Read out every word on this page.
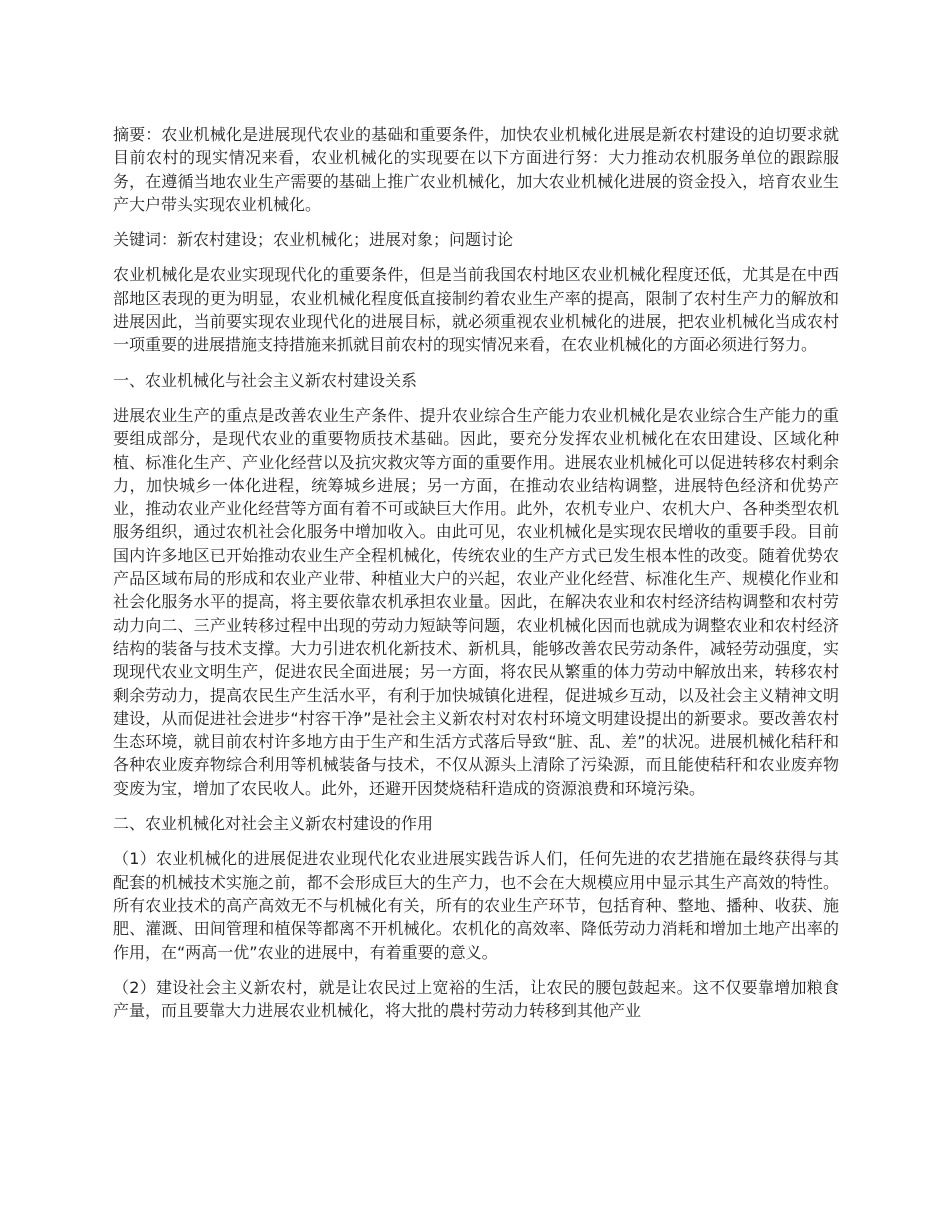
摘要：农业机械化是进展现代农业的基础和重要条件，加快农业机械化进展是新农村建设的迫切要求就目前农村的现实情况来看，农业机械化的实现要在以下方面进行努：大力推动农机服务单位的跟踪服务，在遵循当地农业生产需要的基础上推广农业机械化，加大农业机械化进展的资金投入，培育农业生产大户带头实现农业机械化。

关键词：新农村建设；农业机械化；进展对象；问题讨论

农业机械化是农业实现现代化的重要条件，但是当前我国农村地区农业机械化程度还低，尤其是在中西部地区表现的更为明显，农业机械化程度低直接制约着农业生产率的提高，限制了农村生产力的解放和进展因此，当前要实现农业现代化的进展目标，就必须重视农业机械化的进展，把农业机械化当成农村一项重要的进展措施支持措施来抓就目前农村的现实情况来看，在农业机械化的方面必须进行努力。

一、农业机械化与社会主义新农村建设关系

进展农业生产的重点是改善农业生产条件、提升农业综合生产能力农业机械化是农业综合生产能力的重要组成部分，是现代农业的重要物质技术基础。因此，要充分发挥农业机械化在农田建设、区域化种植、标准化生产、产业化经营以及抗灾救灾等方面的重要作用。进展农业机械化可以促进转移农村剩余力，加快城乡一体化进程，统筹城乡进展；另一方面，在推动农业结构调整，进展特色经济和优势产业，推动农业产业化经营等方面有着不可或缺巨大作用。此外，农机专业户、农机大户、各种类型农机服务组织，通过农机社会化服务中增加收入。由此可见，农业机械化是实现农民增收的重要手段。目前国内许多地区已开始推动农业生产全程机械化，传统农业的生产方式已发生根本性的改变。随着优势农产品区域布局的形成和农业产业带、种植业大户的兴起，农业产业化经营、标准化生产、规模化作业和社会化服务水平的提高，将主要依靠农机承担农业量。因此，在解决农业和农村经济结构调整和农村劳动力向二、三产业转移过程中出现的劳动力短缺等问题，农业机械化因而也就成为调整农业和农村经济结构的装备与技术支撑。大力引进农机化新技术、新机具，能够改善农民劳动条件，减轻劳动强度，实现现代农业文明生产，促进农民全面进展；另一方面，将农民从繁重的体力劳动中解放出来，转移农村剩余劳动力，提高农民生产生活水平，有利于加快城镇化进程，促进城乡互动，以及社会主义精神文明建设，从而促进社会进步“村容干净”是社会主义新农村对农村环境文明建设提出的新要求。要改善农村生态环境，就目前农村许多地方由于生产和生活方式落后导致“脏、乱、差”的状况。进展机械化秸秆和各种农业废弃物综合利用等机械装备与技术，不仅从源头上清除了污染源，而且能使秸秆和农业废弃物变废为宝，增加了农民收人。此外，还避开因焚烧秸秆造成的资源浪费和环境污染。

二、农业机械化对社会主义新农村建设的作用

（1）农业机械化的进展促进农业现代化农业进展实践告诉人们，任何先进的农艺措施在最终获得与其配套的机械技术实施之前，都不会形成巨大的生产力，也不会在大规模应用中显示其生产高效的特性。所有农业技术的高产高效无不与机械化有关，所有的农业生产环节，包括育种、整地、播种、收获、施肥、灌溉、田间管理和植保等都离不开机械化。农机化的高效率、降低劳动力消耗和增加土地产出率的作用，在“两高一优”农业的进展中，有着重要的意义。

（2）建设社会主义新农村，就是让农民过上宽裕的生活，让农民的腰包鼓起来。这不仅要靠增加粮食产量，而且要靠大力进展农业机械化，将大批的農村劳动力转移到其他产业
